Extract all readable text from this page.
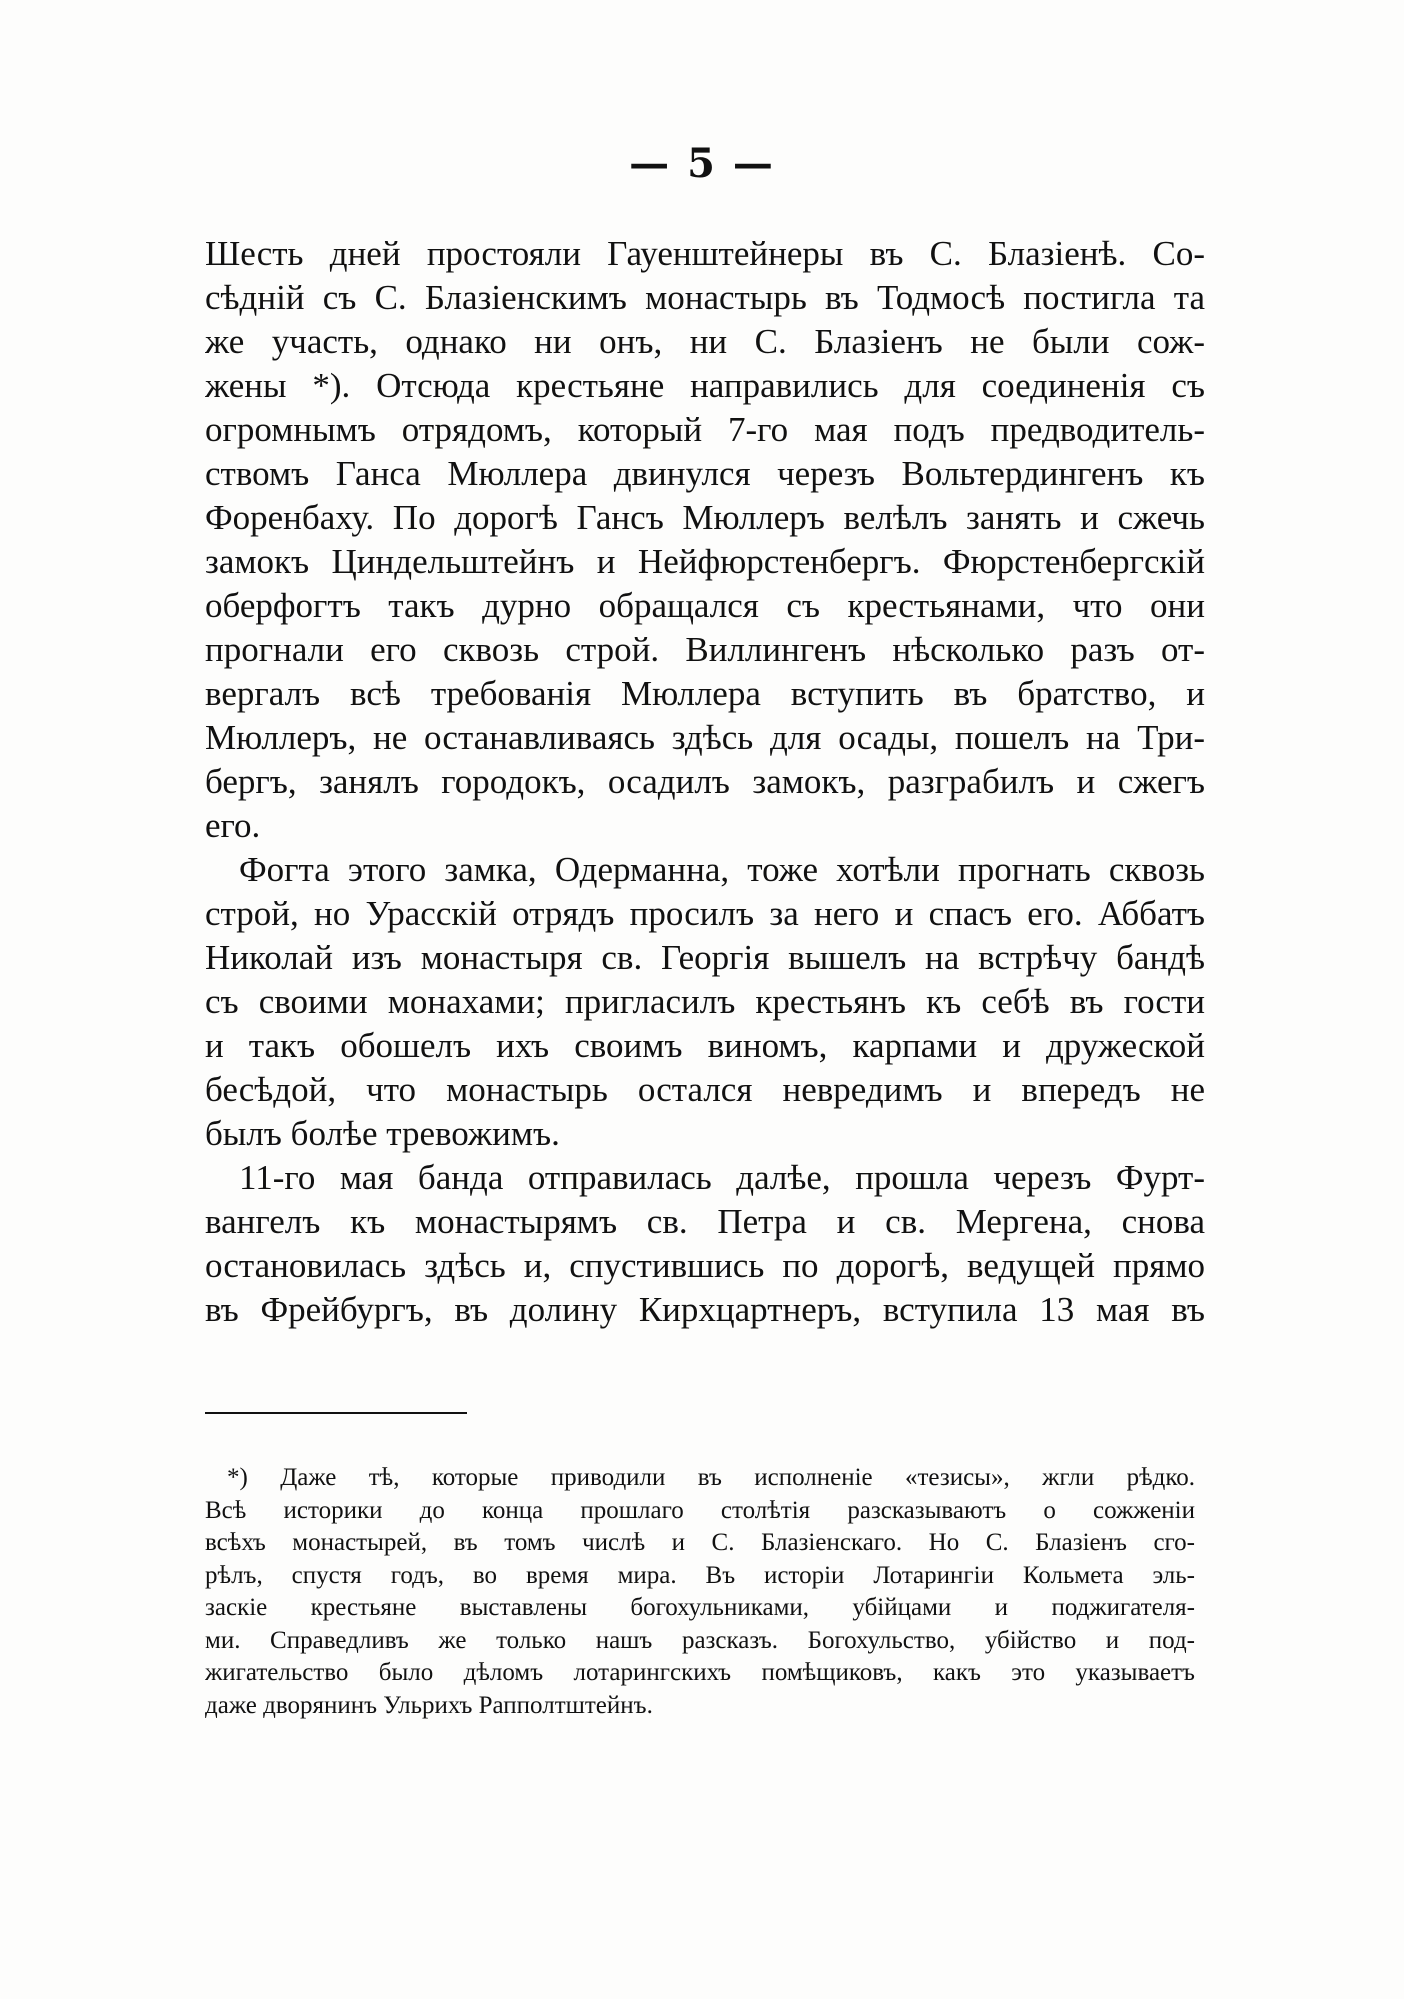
— 5 —
Шесть дней простояли Гауенштейнеры въ С. Блазіенѣ. Со-
сѣдній съ С. Блазіенскимъ монастырь въ Тодмосѣ постигла та
же участь, однако ни онъ, ни С. Блазіенъ не были сож-
жены *). Отсюда крестьяне направились для соединенія съ
огромнымъ отрядомъ, который 7-го мая подъ предводитель-
ствомъ Ганса Мюллера двинулся черезъ Вольтердингенъ къ
Форенбаху. По дорогѣ Гансъ Мюллеръ велѣлъ занять и сжечь
замокъ Циндельштейнъ и Нейфюрстенбергъ. Фюрстенбергскій
оберфогтъ такъ дурно обращался съ крестьянами, что они
прогнали его сквозь строй. Виллингенъ нѣсколько разъ от-
вергалъ всѣ требованія Мюллера вступить въ братство, и
Мюллеръ, не останавливаясь здѣсь для осады, пошелъ на Три-
бергъ, занялъ городокъ, осадилъ замокъ, разграбилъ и сжегъ
его.
Фогта этого замка, Одерманна, тоже хотѣли прогнать сквозь
строй, но Урасскій отрядъ просилъ за него и спасъ его. Аббатъ
Николай изъ монастыря св. Георгія вышелъ на встрѣчу бандѣ
съ своими монахами; пригласилъ крестьянъ къ себѣ въ гости
и такъ обошелъ ихъ своимъ виномъ, карпами и дружеской
бесѣдой, что монастырь остался невредимъ и впередъ не
былъ болѣе тревожимъ.
11-го мая банда отправилась далѣе, прошла черезъ Фурт-
вангелъ къ монастырямъ св. Петра и св. Мергена, снова
остановилась здѣсь и, спустившись по дорогѣ, ведущей прямо
въ Фрейбургъ, въ долину Кирхцартнеръ, вступила 13 мая въ
*) Даже тѣ, которые приводили въ исполненіе «тезисы», жгли рѣдко.
Всѣ историки до конца прошлаго столѣтія разсказываютъ о сожженіи
всѣхъ монастырей, въ томъ числѣ и С. Блазіенскаго. Но С. Блазіенъ сго-
рѣлъ, спустя годъ, во время мира. Въ исторіи Лотарингіи Кольмета эль-
заскіе крестьяне выставлены богохульниками, убійцами и поджигателя-
ми. Справедливъ же только нашъ разсказъ. Богохульство, убійство и под-
жигательство было дѣломъ лотарингскихъ помѣщиковъ, какъ это указываетъ
даже дворянинъ Ульрихъ Рапполтштейнъ.
